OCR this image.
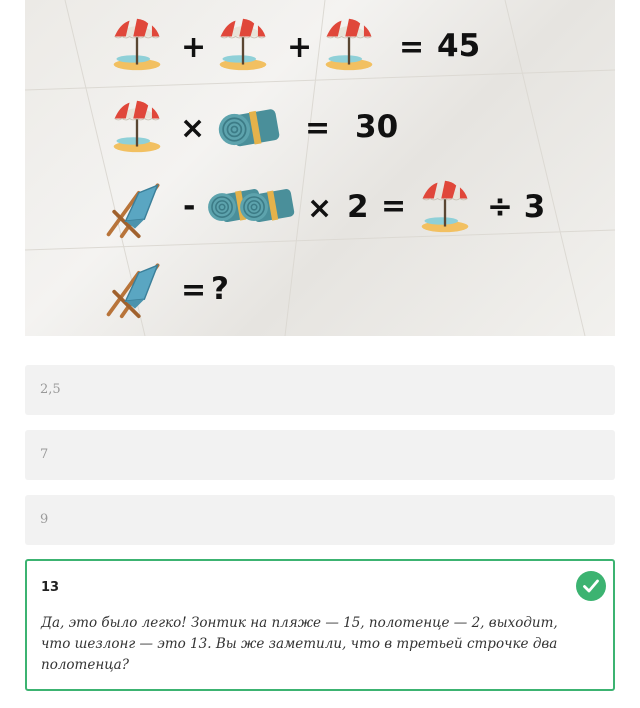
+	+	= 45
×	= 30
-	× 2 =	÷ 3
= ?
2,5
7
9
13
Да, это было легко! Зонтик на пляже — 15, полотенце — 2, выходит, что шезлонг — это 13. Вы же заметили, что в третьей строчке два полотенца?
